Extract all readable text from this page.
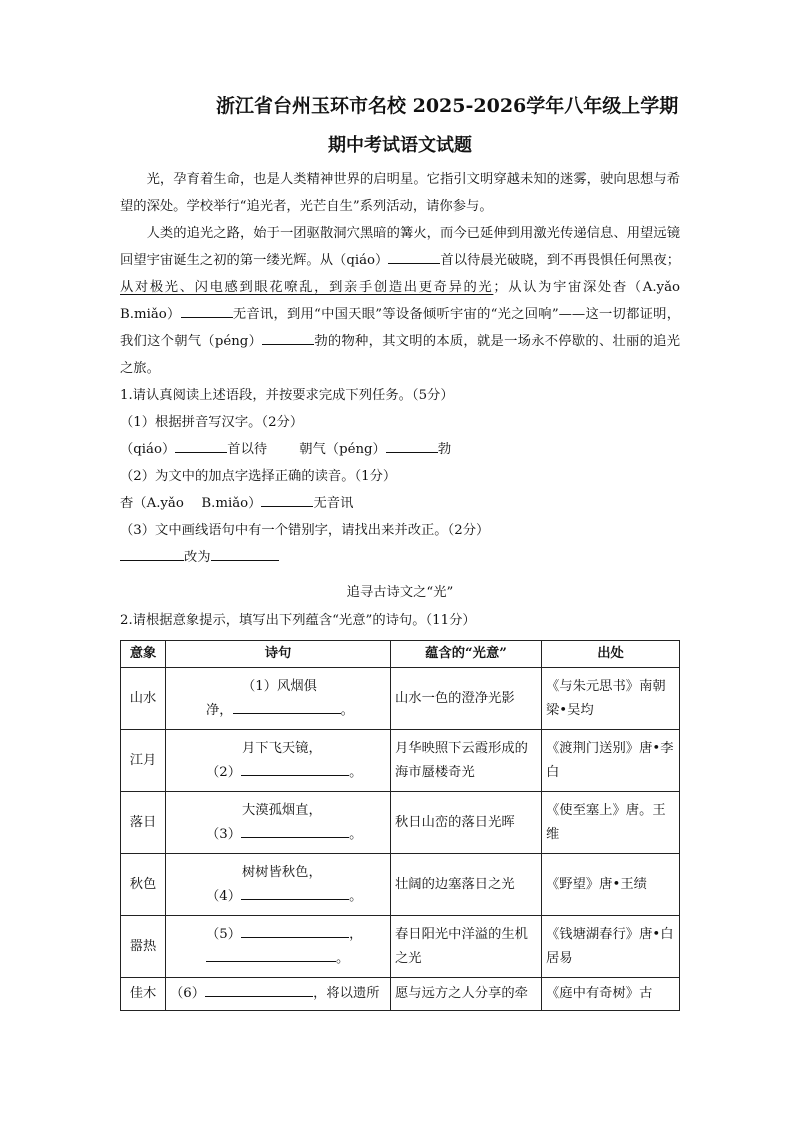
浙江省台州玉环市名校 2025-2026学年八年级上学期
期中考试语文试题

光，孕育着生命，也是人类精神世界的启明星。它指引文明穿越未知的迷雾，驶向思想与希望的深处。学校举行“追光者，光芒自生”系列活动，请你参与。

人类的追光之路，始于一团驱散洞穴黑暗的篝火，而今已延伸到用激光传递信息、用望远镜回望宇宙诞生之初的第一缕光辉。从（qiáo）	首以待晨光破晓，到不再畏惧任何黑夜；从对极光、闪电感到眼花嘹乱，到亲手创造出更奇异的光；从认为宇宙深处杳（A.yǎo B.miǎo）	无音讯，到用“中国天眼”等设备倾听宇宙的“光之回响”——这一切都证明，我们这个朝气（péng）	勃的物种，其文明的本质，就是一场永不停歇的、壮丽的追光之旅。

1.请认真阅读上述语段，并按要求完成下列任务。（5分）

（1）根据拼音写汉字。（2分）

（qiáo）	首以待 朝气（péng）	勃

（2）为文中的加点字选择正确的读音。（1分）

杳（A.yǎo　 B.miǎo）	无音讯

（3）文中画线语句中有一个错别字，请找出来并改正。（2分）

改为

追寻古诗文之“光”

2.请根据意象提示，填写出下列蕴含“光意”的诗句。（11分）

意象	诗句	蕴含的“光意”	出处
山水	（1）风烟俱
净， 。	山水一色的澄净光影	《与朱元思书》南朝梁•吴均
江月	月下飞天镜，
（2） 。	月华映照下云霞形成的海市蜃楼奇光	《渡荆门送别》唐•李白
落日	大漠孤烟直，
（3） 。	秋日山峦的落日光晖	《使至塞上》唐。王维
秋色	树树皆秋色，
（4） 。	壮阔的边塞落日之光	《野望》唐•王绩
嚣热	（5） ，
。	春日阳光中洋溢的生机之光	《钱塘湖春行》唐•白居易
佳木	（6） ，将以遗所	愿与远方之人分享的牵	《庭中有奇树》古
